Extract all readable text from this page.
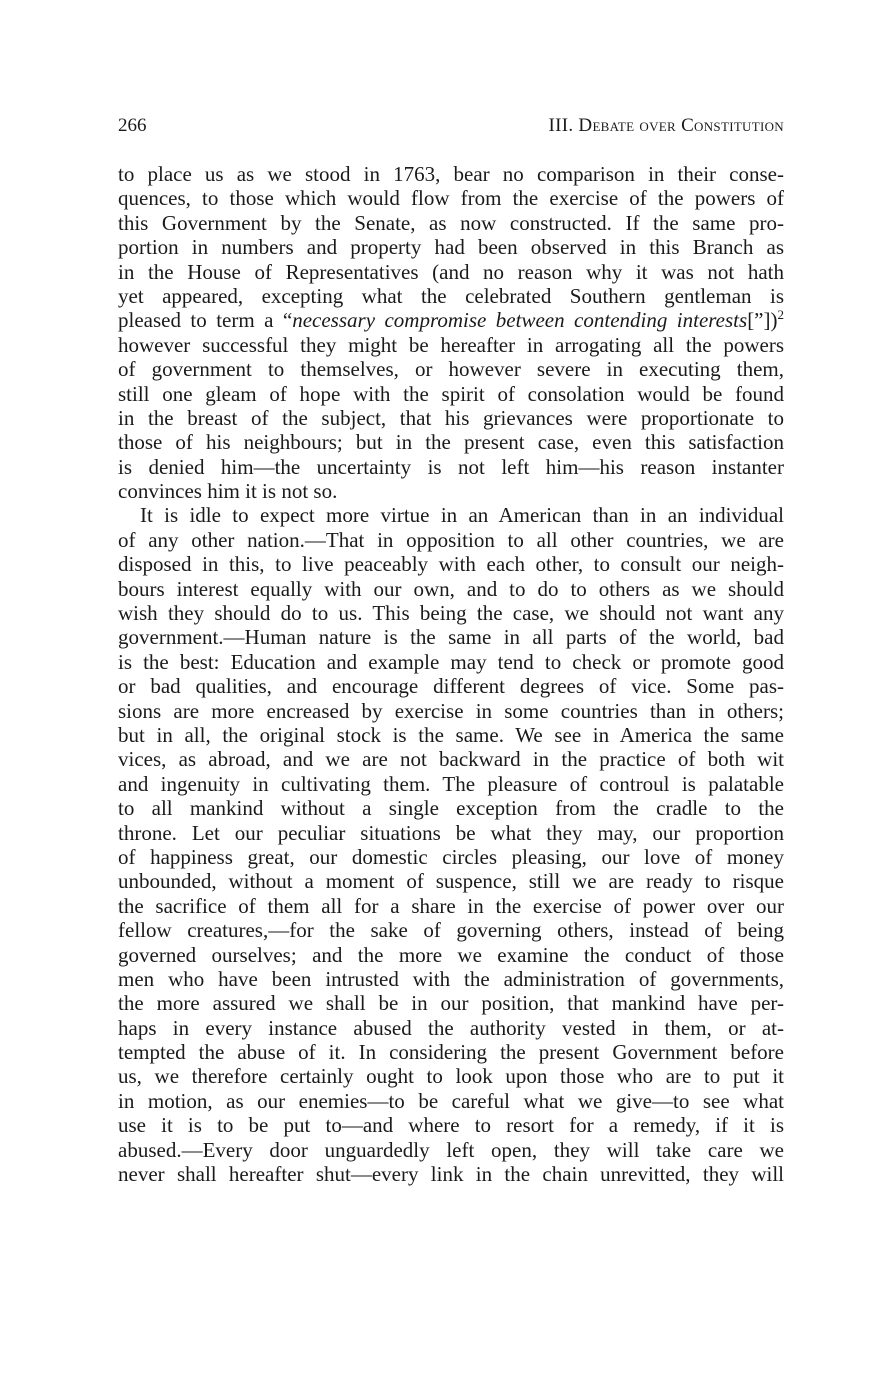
266	III. Debate over Constitution
to place us as we stood in 1763, bear no comparison in their conse-
quences, to those which would flow from the exercise of the powers of
this Government by the Senate, as now constructed. If the same pro-
portion in numbers and property had been observed in this Branch as
in the House of Representatives (and no reason why it was not hath
yet appeared, excepting what the celebrated Southern gentleman is
pleased to term a “necessary compromise between contending interests[”])$^2$
however successful they might be hereafter in arrogating all the powers
of government to themselves, or however severe in executing them,
still one gleam of hope with the spirit of consolation would be found
in the breast of the subject, that his grievances were proportionate to
those of his neighbours; but in the present case, even this satisfaction
is denied him—the uncertainty is not left him—his reason instanter
convinces him it is not so.
It is idle to expect more virtue in an American than in an individual
of any other nation.—That in opposition to all other countries, we are
disposed in this, to live peaceably with each other, to consult our neigh-
bours interest equally with our own, and to do to others as we should
wish they should do to us. This being the case, we should not want any
government.—Human nature is the same in all parts of the world, bad
is the best: Education and example may tend to check or promote good
or bad qualities, and encourage different degrees of vice. Some pas-
sions are more encreased by exercise in some countries than in others;
but in all, the original stock is the same. We see in America the same
vices, as abroad, and we are not backward in the practice of both wit
and ingenuity in cultivating them. The pleasure of controul is palatable
to all mankind without a single exception from the cradle to the
throne. Let our peculiar situations be what they may, our proportion
of happiness great, our domestic circles pleasing, our love of money
unbounded, without a moment of suspence, still we are ready to risque
the sacrifice of them all for a share in the exercise of power over our
fellow creatures,—for the sake of governing others, instead of being
governed ourselves; and the more we examine the conduct of those
men who have been intrusted with the administration of governments,
the more assured we shall be in our position, that mankind have per-
haps in every instance abused the authority vested in them, or at-
tempted the abuse of it. In considering the present Government before
us, we therefore certainly ought to look upon those who are to put it
in motion, as our enemies—to be careful what we give—to see what
use it is to be put to—and where to resort for a remedy, if it is
abused.—Every door unguardedly left open, they will take care we
never shall hereafter shut—every link in the chain unrevitted, they will
